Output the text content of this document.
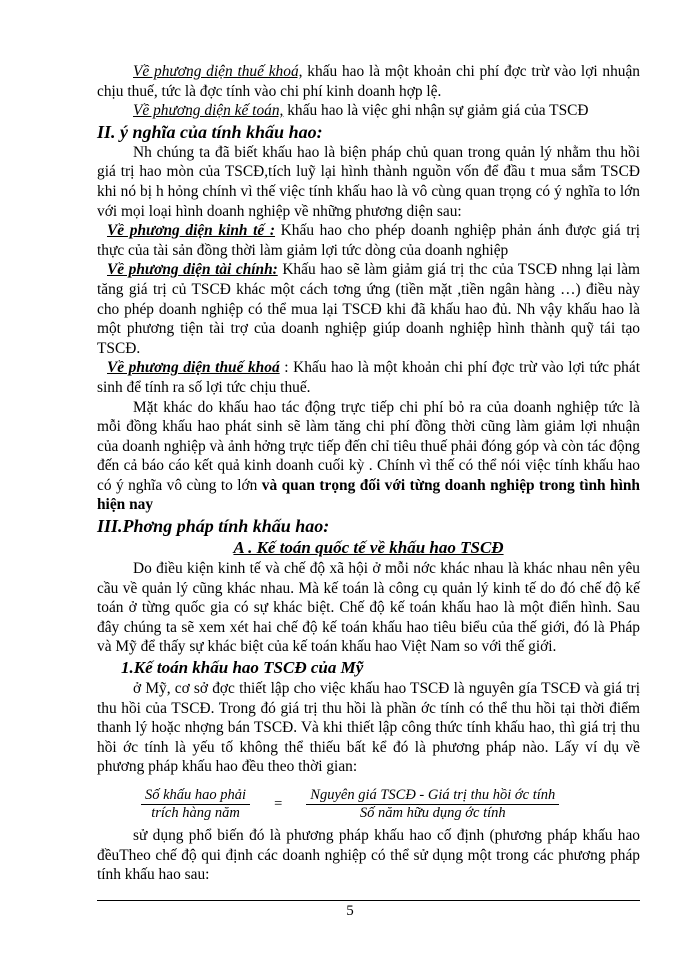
Về phương diện thuế khoá, khấu hao là một khoản chi phí đợc trừ vào lợi nhuận chịu thuế, tức là đợc tính vào chi phí kinh doanh hợp lệ.

Về phương diện kế toán, khấu hao là việc ghi nhận sự giảm giá của TSCĐ

II. ý nghĩa của tính khấu hao:

Nh chúng ta đã biết khấu hao là biện pháp chủ quan trong quản lý nhằm thu hồi giá trị hao mòn của TSCĐ,tích luỹ lại hình thành nguồn vốn để đầu t mua sắm TSCĐ khi nó bị h hỏng chính vì thế việc tính khấu hao là vô cùng quan trọng có ý nghĩa to lớn với mọi loại hình doanh nghiệp về những phương diện sau:

Về phương diện kinh tế : Khấu hao cho phép doanh nghiệp phản ánh được giá trị thực của tài sản đồng thời làm giảm lợi tức dòng của doanh nghiệp

Về phương diện tài chính: Khấu hao sẽ làm giảm giá trị thc của TSCĐ nhng lại làm tăng giá trị củ TSCĐ khác một cách tơng ứng (tiền mặt ,tiền ngân hàng …) điều này cho phép doanh nghiệp có thể mua lại TSCĐ khi đã khấu hao đủ. Nh vậy khấu hao là một phương tiện tài trợ của doanh nghiệp giúp doanh nghiệp hình thành quỹ tái tạo TSCĐ.

Về phương diện thuế khoá : Khấu hao là một khoản chi phí đợc trừ vào lợi tức phát sinh để tính ra số lợi tức chịu thuế.

Mặt khác do khấu hao tác động trực tiếp chi phí bỏ ra của doanh nghiệp tức là mỗi đồng khấu hao phát sinh sẽ làm tăng chi phí đồng thời cũng làm giảm lợi nhuận của doanh nghiệp và ảnh hởng trực tiếp đến chỉ tiêu thuế phải đóng góp và còn tác động đến cả báo cáo kết quả kinh doanh cuối kỳ . Chính vì thế có thể nói việc tính khấu hao có ý nghĩa vô cùng to lớn và quan trọng đối với từng doanh nghiệp trong tình hình hiện nay

III.Phơng pháp tính khấu hao:

A . Kế toán quốc tế về khấu hao TSCĐ

Do điều kiện kinh tế và chế độ xã hội ở mỗi nớc khác nhau là khác nhau nên yêu cầu về quản lý cũng khác nhau. Mà kế toán là công cụ quản lý kinh tế do đó chế độ kế toán ở từng quốc gia có sự khác biệt. Chế độ kế toán khấu hao là một điển hình. Sau đây chúng ta sẽ xem xét hai chế độ kế toán khấu hao tiêu biểu của thế giới, đó là Pháp và Mỹ để thấy sự khác biệt của kế toán khấu hao Việt Nam so với thế giới.

1.Kế toán khấu hao TSCĐ của Mỹ

ở Mỹ, cơ sở đợc thiết lập cho việc khấu hao TSCĐ là nguyên gía TSCĐ và giá trị thu hồi của TSCĐ. Trong đó giá trị thu hồi là phần ớc tính có thể thu hồi tại thời điểm thanh lý hoặc nhợng bán TSCĐ. Và khi thiết lập công thức tính khấu hao, thì giá trị thu hồi ớc tính là yếu tố không thể thiếu bất kể đó là phương pháp nào. Lấy ví dụ về phương pháp khấu hao đều theo thời gian:

$\frac{\text{Số khấu hao phải}}{\text{trích hàng năm}} = \frac{\text{Nguyên giá TSCĐ - Giá trị thu hồi ớc tính}}{\text{Số năm hữu dụng ớc tính}}$

sử dụng phổ biến đó là phương pháp khấu hao cố định (phương pháp khấu hao đềuTheo chế độ qui định các doanh nghiệp có thể sử dụng một trong các phương pháp tính khấu hao sau:

5
